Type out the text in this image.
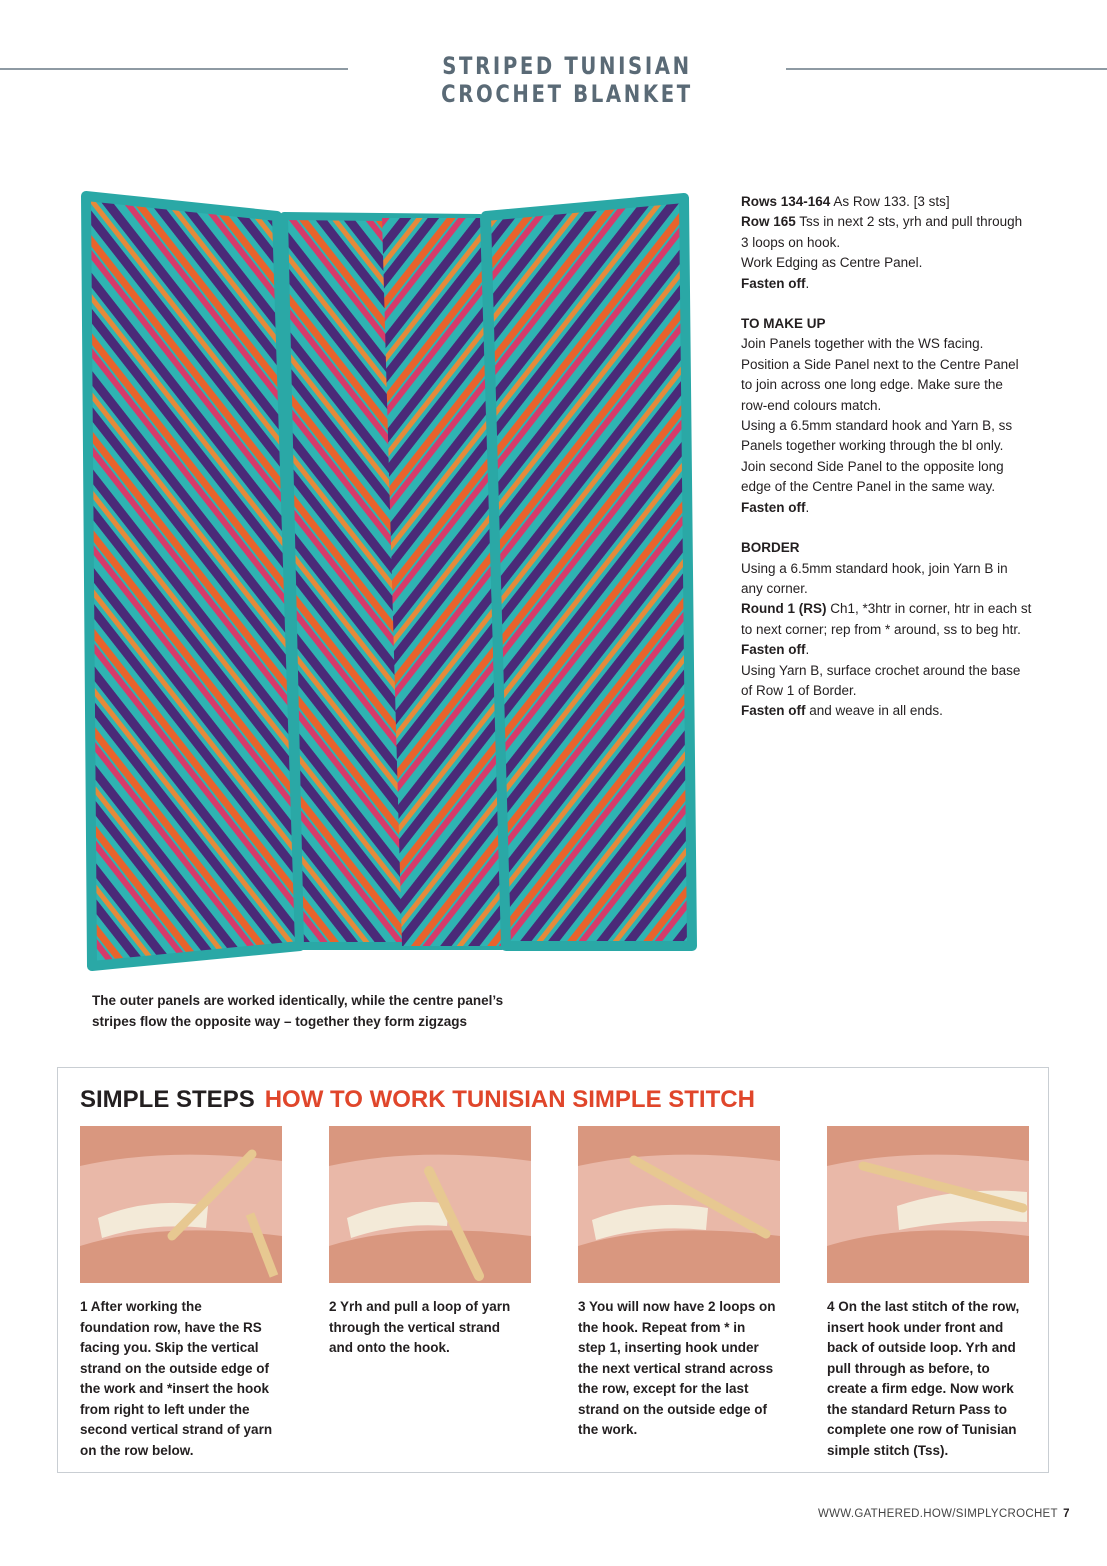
STRIPED TUNISIAN CROCHET BLANKET

The outer panels are worked identically, while the centre panel’s

stripes flow the opposite way – together they form zigzags

Rows 134-164 As Row 133. [3 sts]

Row 165 Tss in next 2 sts, yrh and pull through

3 loops on hook.

Work Edging as Centre Panel.

Fasten off.

TO MAKE UP

Join Panels together with the WS facing.

Position a Side Panel next to the Centre Panel

to join across one long edge. Make sure the

row-end colours match.

Using a 6.5mm standard hook and Yarn B, ss

Panels together working through the bl only.

Join second Side Panel to the opposite long

edge of the Centre Panel in the same way.

Fasten off.

BORDER

Using a 6.5mm standard hook, join Yarn B in

any corner.

Round 1 (RS) Ch1, *3htr in corner, htr in each st

to next corner; rep from * around, ss to beg htr.

Fasten off.

Using Yarn B, surface crochet around the base

of Row 1 of Border.

Fasten off and weave in all ends.

SIMPLE STEPS HOW TO WORK TUNISIAN SIMPLE STITCH

1 After working the

foundation row, have the RS

facing you. Skip the vertical

strand on the outside edge of

the work and *insert the hook

from right to left under the

second vertical strand of yarn

on the row below.

2 Yrh and pull a loop of yarn

through the vertical strand

and onto the hook.

3 You will now have 2 loops on

the hook. Repeat from * in

step 1, inserting hook under

the next vertical strand across

the row, except for the last

strand on the outside edge of

the work.

4 On the last stitch of the row,

insert hook under front and

back of outside loop. Yrh and

pull through as before, to

create a firm edge. Now work

the standard Return Pass to

complete one row of Tunisian

simple stitch (Tss).

WWW.GATHERED.HOW/SIMPLYCROCHET 7
